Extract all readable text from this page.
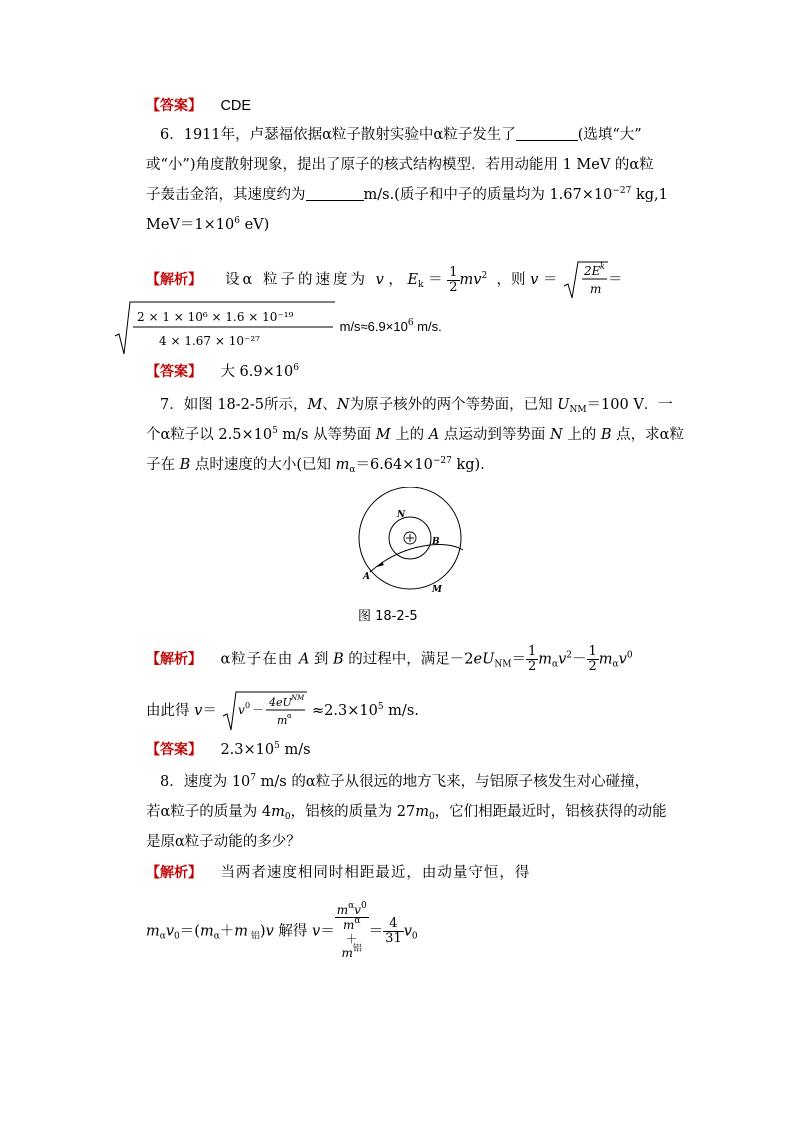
【答案】 CDE
6．1911年，卢瑟福依据α粒子散射实验中α粒子发生了	(选填“大”
或“小”)角度散射现象，提出了原子的核式结构模型．若用动能用 1 MeV 的α粒
子轰击金箔，其速度约为	m/s.(质子和中子的质量均为 $1.67\times 10^{-27}$ kg,1
$MeV=1\times 10^6$ eV)
【解析】 设α 粒子的速度为 v ， $E_k = \frac{1}{2} mv^2$ ，则 v ＝
2E k
m
＝
2 × 1 × 10⁶ × 1.6 × 10⁻¹⁹
4 × 1.67 × 10⁻²⁷
$m/s\approx 6.9\times 10^6$ m/s.
【答案】 大 $6.9\times 10^6$
7．如图 18-2-5所示，M、N为原子核外的两个等势面，已知 $U_{NM}=100$ V．一
个α粒子以 $2.5\times 10^5$ m/s 从等势面 M 上的 A 点运动到等势面 N 上的 B 点，求α粒
子在 B 点时速度的大小(已知 $m_\alpha=6.64\times 10^{-27}$ kg)．
N
B
A
M
图 18-2-5
【解析】 α粒子在由 A 到 B 的过程中，满足$-2eU_{NM}= \frac{1}{2} m_\alpha v^2- \frac{1}{2} m_\alpha v^0$
由此得 v＝ v 0 －
4eU NM
m $\alpha \approx 2.3\times 10^5$ m/s.
【答案】 $2.3\times 10^5$ m/s
8．速度为 $10^7$ m/s 的α粒子从很远的地方飞来，与铝原子核发生对心碰撞，
若α粒子的质量为 $4m_0$，铝核的质量为 $27m_0$，它们相距最近时，铝核获得的动能
是原α粒子动能的多少？
【解析】 当两者速度相同时相距最近，由动量守恒，得
$m_\alpha v_0=(m_\alpha+m$ $_铝$)v 解得 $v= m^\alpha v^0$
$m^\alpha$
＋
$m^铝 = \frac{4}{31} v_0$
